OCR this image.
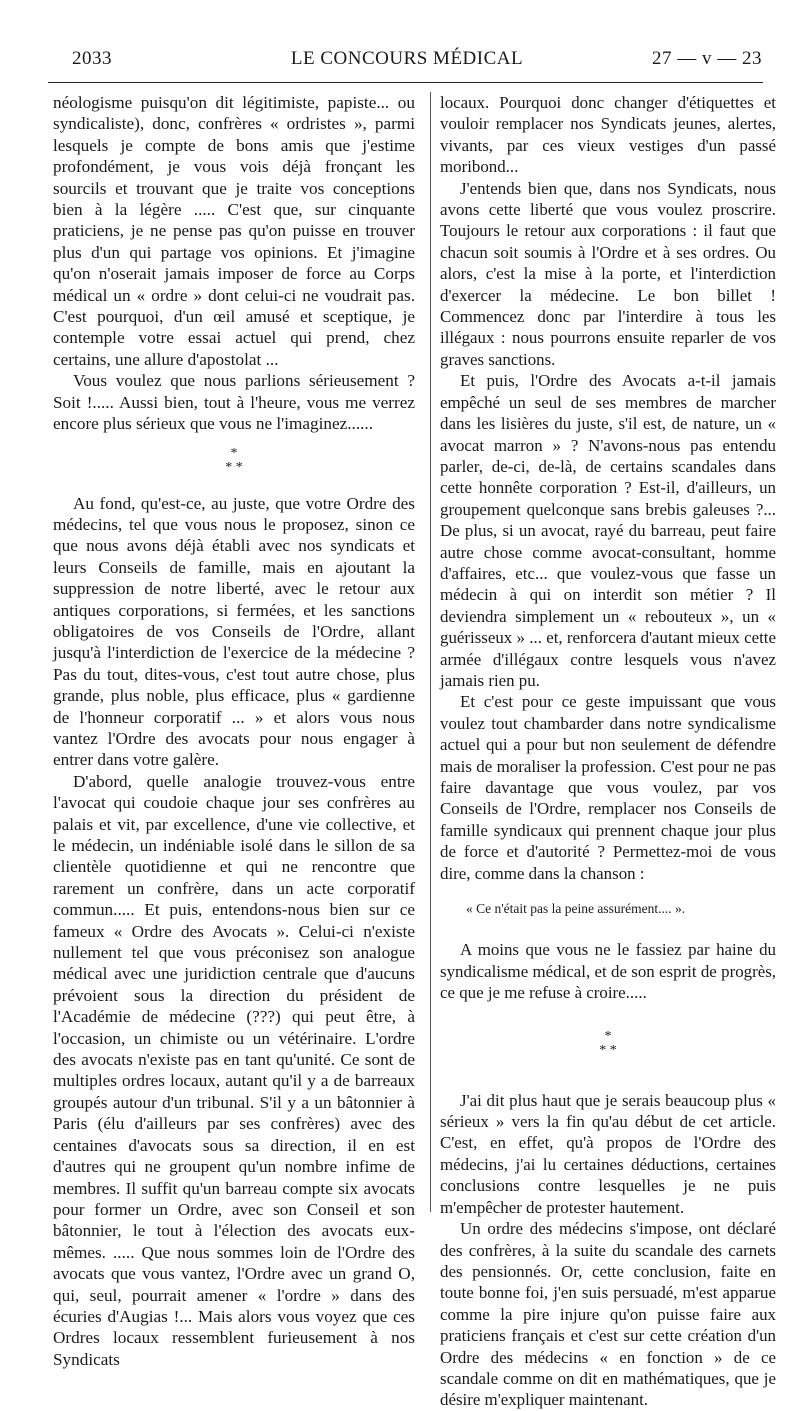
2033	LE CONCOURS MÉDICAL	27 — v — 23

néologisme puisqu'on dit légitimiste, papiste... ou syndicaliste), donc, confrères « ordristes », parmi lesquels je compte de bons amis que j'estime profondément, je vous vois déjà fronçant les sourcils et trouvant que je traite vos conceptions bien à la légère ..... C'est que, sur cinquante praticiens, je ne pense pas qu'on puisse en trouver plus d'un qui partage vos opinions. Et j'imagine qu'on n'oserait jamais imposer de force au Corps médical un « ordre » dont celui-ci ne voudrait pas. C'est pourquoi, d'un œil amusé et sceptique, je contemple votre essai actuel qui prend, chez certains, une allure d'apostolat ...

Vous voulez que nous parlions sérieusement ? Soit !..... Aussi bien, tout à l'heure, vous me verrez encore plus sérieux que vous ne l'imaginez......

*
* *

Au fond, qu'est-ce, au juste, que votre Ordre des médecins, tel que vous nous le proposez, sinon ce que nous avons déjà établi avec nos syndicats et leurs Conseils de famille, mais en ajoutant la suppression de notre liberté, avec le retour aux antiques corporations, si fermées, et les sanctions obligatoires de vos Conseils de l'Ordre, allant jusqu'à l'interdiction de l'exercice de la médecine ? Pas du tout, dites-vous, c'est tout autre chose, plus grande, plus noble, plus efficace, plus « gardienne de l'honneur corporatif ... » et alors vous nous vantez l'Ordre des avocats pour nous engager à entrer dans votre galère.

D'abord, quelle analogie trouvez-vous entre l'avocat qui coudoie chaque jour ses confrères au palais et vit, par excellence, d'une vie collective, et le médecin, un indéniable isolé dans le sillon de sa clientèle quotidienne et qui ne rencontre que rarement un confrère, dans un acte corporatif commun..... Et puis, entendons-nous bien sur ce fameux « Ordre des Avocats ». Celui-ci n'existe nullement tel que vous préconisez son analogue médical avec une juridiction centrale que d'aucuns prévoient sous la direction du président de l'Académie de médecine (???) qui peut être, à l'occasion, un chimiste ou un vétérinaire. L'ordre des avocats n'existe pas en tant qu'unité. Ce sont de multiples ordres locaux, autant qu'il y a de barreaux groupés autour d'un tribunal. S'il y a un bâtonnier à Paris (élu d'ailleurs par ses confrères) avec des centaines d'avocats sous sa direction, il en est d'autres qui ne groupent qu'un nombre infime de membres. Il suffit qu'un barreau compte six avocats pour former un Ordre, avec son Conseil et son bâtonnier, le tout à l'élection des avocats eux-mêmes. ..... Que nous sommes loin de l'Ordre des avocats que vous vantez, l'Ordre avec un grand O, qui, seul, pourrait amener « l'ordre » dans des écuries d'Augias !... Mais alors vous voyez que ces Ordres locaux ressemblent furieusement à nos Syndicats

locaux. Pourquoi donc changer d'étiquettes et vouloir remplacer nos Syndicats jeunes, alertes, vivants, par ces vieux vestiges d'un passé moribond...

J'entends bien que, dans nos Syndicats, nous avons cette liberté que vous voulez proscrire. Toujours le retour aux corporations : il faut que chacun soit soumis à l'Ordre et à ses ordres. Ou alors, c'est la mise à la porte, et l'interdiction d'exercer la médecine. Le bon billet ! Commencez donc par l'interdire à tous les illégaux : nous pourrons ensuite reparler de vos graves sanctions.

Et puis, l'Ordre des Avocats a-t-il jamais empêché un seul de ses membres de marcher dans les lisières du juste, s'il est, de nature, un « avocat marron » ? N'avons-nous pas entendu parler, de-ci, de-là, de certains scandales dans cette honnête corporation ? Est-il, d'ailleurs, un groupement quelconque sans brebis galeuses ?... De plus, si un avocat, rayé du barreau, peut faire autre chose comme avocat-consultant, homme d'affaires, etc... que voulez-vous que fasse un médecin à qui on interdit son métier ? Il deviendra simplement un « rebouteux », un « guérisseux » ... et, renforcera d'autant mieux cette armée d'illégaux contre lesquels vous n'avez jamais rien pu.

Et c'est pour ce geste impuissant que vous voulez tout chambarder dans notre syndicalisme actuel qui a pour but non seulement de défendre mais de moraliser la profession. C'est pour ne pas faire davantage que vous voulez, par vos Conseils de l'Ordre, remplacer nos Conseils de famille syndicaux qui prennent chaque jour plus de force et d'autorité ? Permettez-moi de vous dire, comme dans la chanson :

« Ce n'était pas la peine assurément.... ».

A moins que vous ne le fassiez par haine du syndicalisme médical, et de son esprit de progrès, ce que je me refuse à croire.....

*
* *

J'ai dit plus haut que je serais beaucoup plus « sérieux » vers la fin qu'au début de cet article. C'est, en effet, qu'à propos de l'Ordre des médecins, j'ai lu certaines déductions, certaines conclusions contre lesquelles je ne puis m'empêcher de protester hautement.

Un ordre des médecins s'impose, ont déclaré des confrères, à la suite du scandale des carnets des pensionnés. Or, cette conclusion, faite en toute bonne foi, j'en suis persuadé, m'est apparue comme la pire injure qu'on puisse faire aux praticiens français et c'est sur cette création d'un Ordre des médecins « en fonction » de ce scandale comme on dit en mathématiques, que je désire m'expliquer maintenant.
